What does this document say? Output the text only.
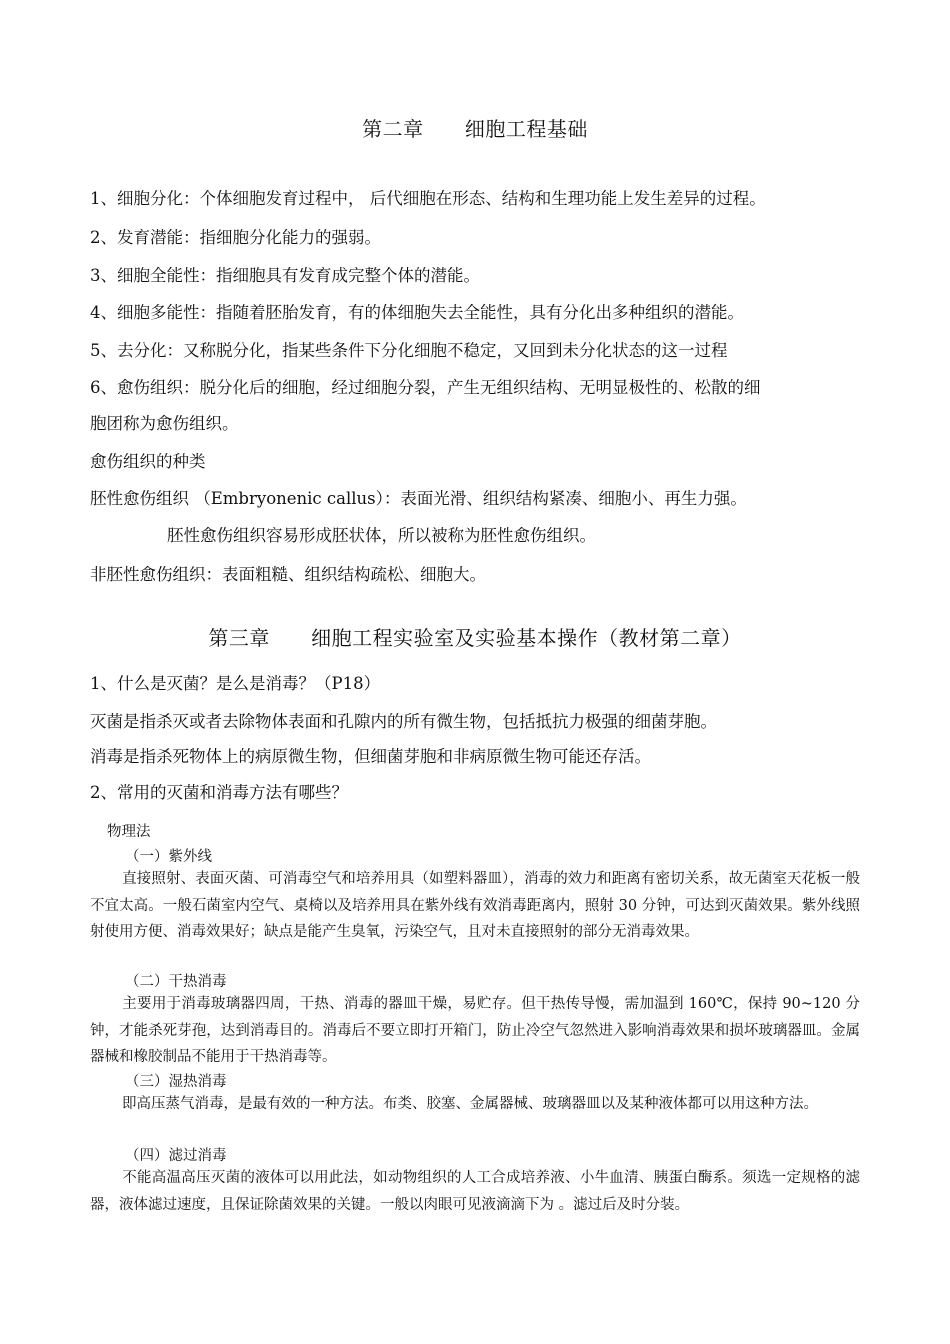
第二章      细胞工程基础
1、细胞分化：个体细胞发育过程中， 后代细胞在形态、结构和生理功能上发生差异的过程。
2、发育潜能：指细胞分化能力的强弱。
3、细胞全能性：指细胞具有发育成完整个体的潜能。
4、细胞多能性：指随着胚胎发育，有的体细胞失去全能性，具有分化出多种组织的潜能。
5、去分化：又称脱分化，指某些条件下分化细胞不稳定，又回到未分化状态的这一过程
6、愈伤组织：脱分化后的细胞，经过细胞分裂，产生无组织结构、无明显极性的、松散的细
胞团称为愈伤组织。
愈伤组织的种类
胚性愈伤组织 （Embryonenic callus）：表面光滑、组织结构紧凑、细胞小、再生力强。
胚性愈伤组织容易形成胚状体，所以被称为胚性愈伤组织。
非胚性愈伤组织：表面粗糙、组织结构疏松、细胞大。
第三章      细胞工程实验室及实验基本操作（教材第二章）
1、什么是灭菌？是么是消毒？（P18）
灭菌是指杀灭或者去除物体表面和孔隙内的所有微生物，包括抵抗力极强的细菌芽胞。
消毒是指杀死物体上的病原微生物，但细菌芽胞和非病原微生物可能还存活。
2、常用的灭菌和消毒方法有哪些？
物理法
（一）紫外线
直接照射、表面灭菌、可消毒空气和培养用具（如塑料器皿），消毒的效力和距离有密切关系，故无菌室天花板一般不宜太高。一般石菌室内空气、桌椅以及培养用具在紫外线有效消毒距离内，照射 30 分钟，可达到灭菌效果。紫外线照射使用方便、消毒效果好；缺点是能产生臭氧，污染空气，且对未直接照射的部分无消毒效果。
（二）干热消毒
主要用于消毒玻璃器四周，干热、消毒的器皿干燥，易贮存。但干热传导慢，需加温到 160℃，保持 90~120 分钟，才能杀死芽孢，达到消毒目的。消毒后不要立即打开箱门，防止冷空气忽然进入影响消毒效果和损坏玻璃器皿。金属器械和橡胶制品不能用于干热消毒等。
（三）湿热消毒
即高压蒸气消毒，是最有效的一种方法。布类、胶塞、金属器械、玻璃器皿以及某种液体都可以用这种方法。
（四）滤过消毒
不能高温高压灭菌的液体可以用此法，如动物组织的人工合成培养液、小牛血清、胰蛋白酶系。须选一定规格的滤器，液体滤过速度，且保证除菌效果的关键。一般以肉眼可见液滴滴下为 。滤过后及时分装。
